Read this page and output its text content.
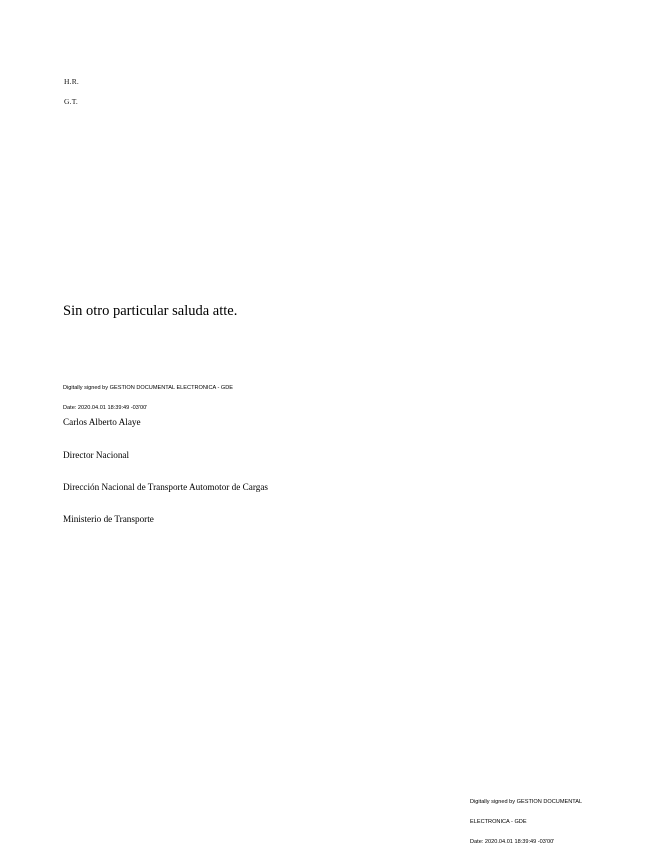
H.R.
G.T.
Sin otro particular saluda atte.

Digitally signed by GESTION DOCUMENTAL ELECTRONICA - GDE

Date: 2020.04.01 18:39:49 -03'00'

Carlos Alberto Alaye

Director Nacional

Dirección Nacional de Transporte Automotor de Cargas

Ministerio de Transporte

Digitally signed by GESTION DOCUMENTAL

ELECTRONICA - GDE

Date: 2020.04.01 18:39:49 -03'00'
